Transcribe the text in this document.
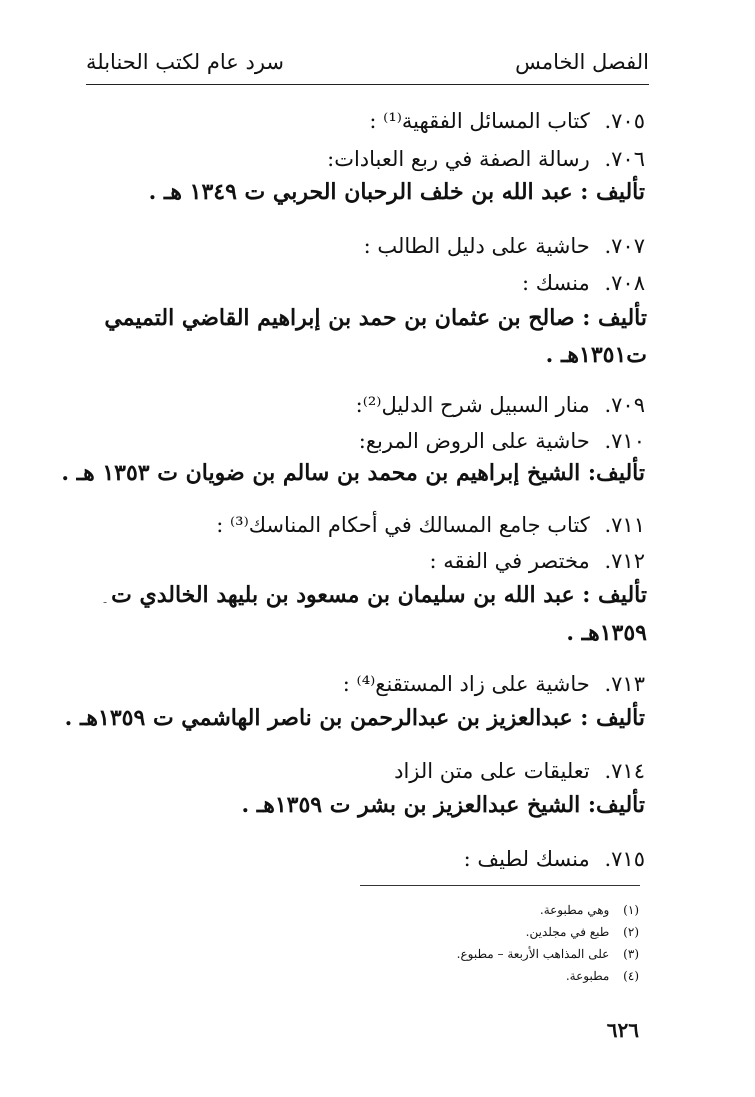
الفصل الخامس
سرد عام لكتب الحنابلة
٧٠٥. كتاب المسائل الفقهية⁽¹⁾ :
٧٠٦. رسالة الصفة في ربع العبادات:
تأليف : عبد الله بن خلف الرحبان الحربي ت ١٣٤٩ هـ .
٧٠٧. حاشية على دليل الطالب :
٧٠٨. منسك :
تأليف : صالح بن عثمان بن حمد بن إبراهيم القاضي التميمي
ت١٣٥١هـ .
٧٠٩. منار السبيل شرح الدليل⁽²⁾:
٧١٠. حاشية على الروض المربع:
تأليف: الشيخ إبراهيم بن محمد بن سالم بن ضويان ت ١٣٥٣ هـ .
٧١١. كتاب جامع المسالك في أحكام المناسك⁽³⁾ :
٧١٢. مختصر في الفقه :
تأليف : عبد الله بن سليمان بن مسعود بن بليهد الخالدي ت
-
١٣٥٩هـ .
٧١٣. حاشية على زاد المستقنع⁽⁴⁾ :
تأليف : عبدالعزيز بن عبدالرحمن بن ناصر الهاشمي ت ١٣٥٩هـ .
٧١٤. تعليقات على متن الزاد
تأليف: الشيخ عبدالعزيز بن بشر ت ١٣٥٩هـ .
٧١٥. منسك لطيف :
(١) وهي مطبوعة.
(٢) طبع في مجلدين.
(٣) على المذاهب الأربعة – مطبوع.
(٤) مطبوعة.
٦٢٦
